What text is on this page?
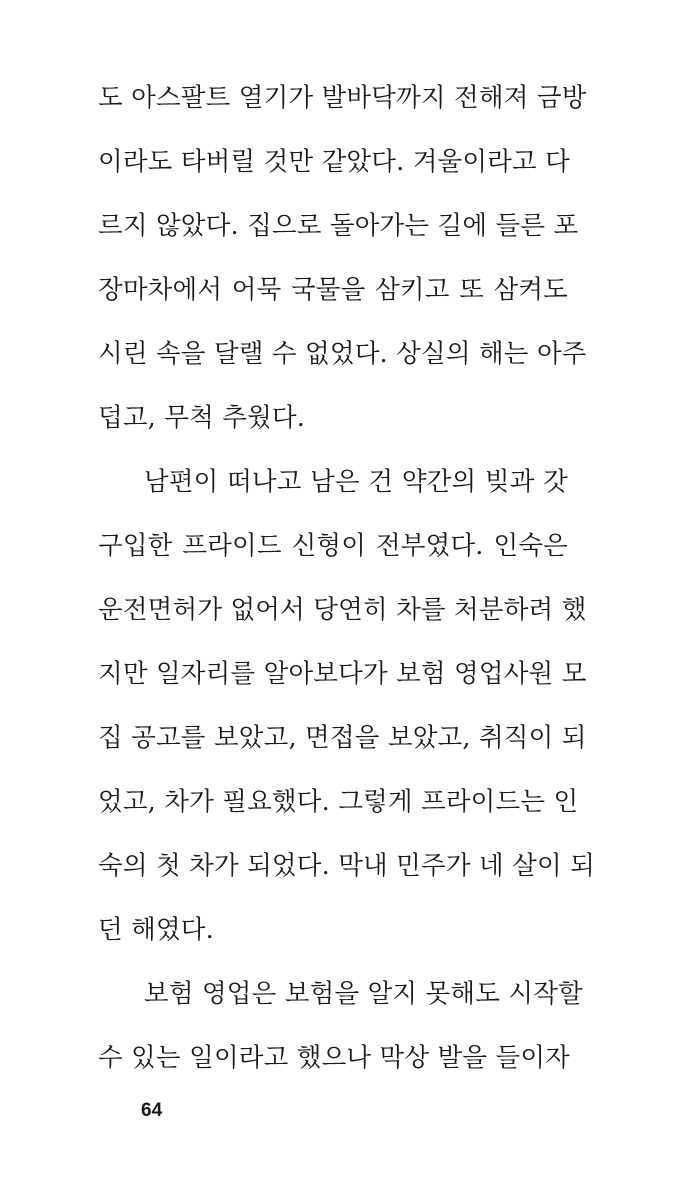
도 아스팔트 열기가 발바닥까지 전해져 금방
이라도 타버릴 것만 같았다. 겨울이라고 다
르지 않았다. 집으로 돌아가는 길에 들른 포
장마차에서 어묵 국물을 삼키고 또 삼켜도
시린 속을 달랠 수 없었다. 상실의 해는 아주
덥고, 무척 추웠다.
남편이 떠나고 남은 건 약간의 빚과 갓
구입한 프라이드 신형이 전부였다. 인숙은
운전면허가 없어서 당연히 차를 처분하려 했
지만 일자리를 알아보다가 보험 영업사원 모
집 공고를 보았고, 면접을 보았고, 취직이 되
었고, 차가 필요했다. 그렇게 프라이드는 인
숙의 첫 차가 되었다. 막내 민주가 네 살이 되
던 해였다.
보험 영업은 보험을 알지 못해도 시작할
수 있는 일이라고 했으나 막상 발을 들이자
64
